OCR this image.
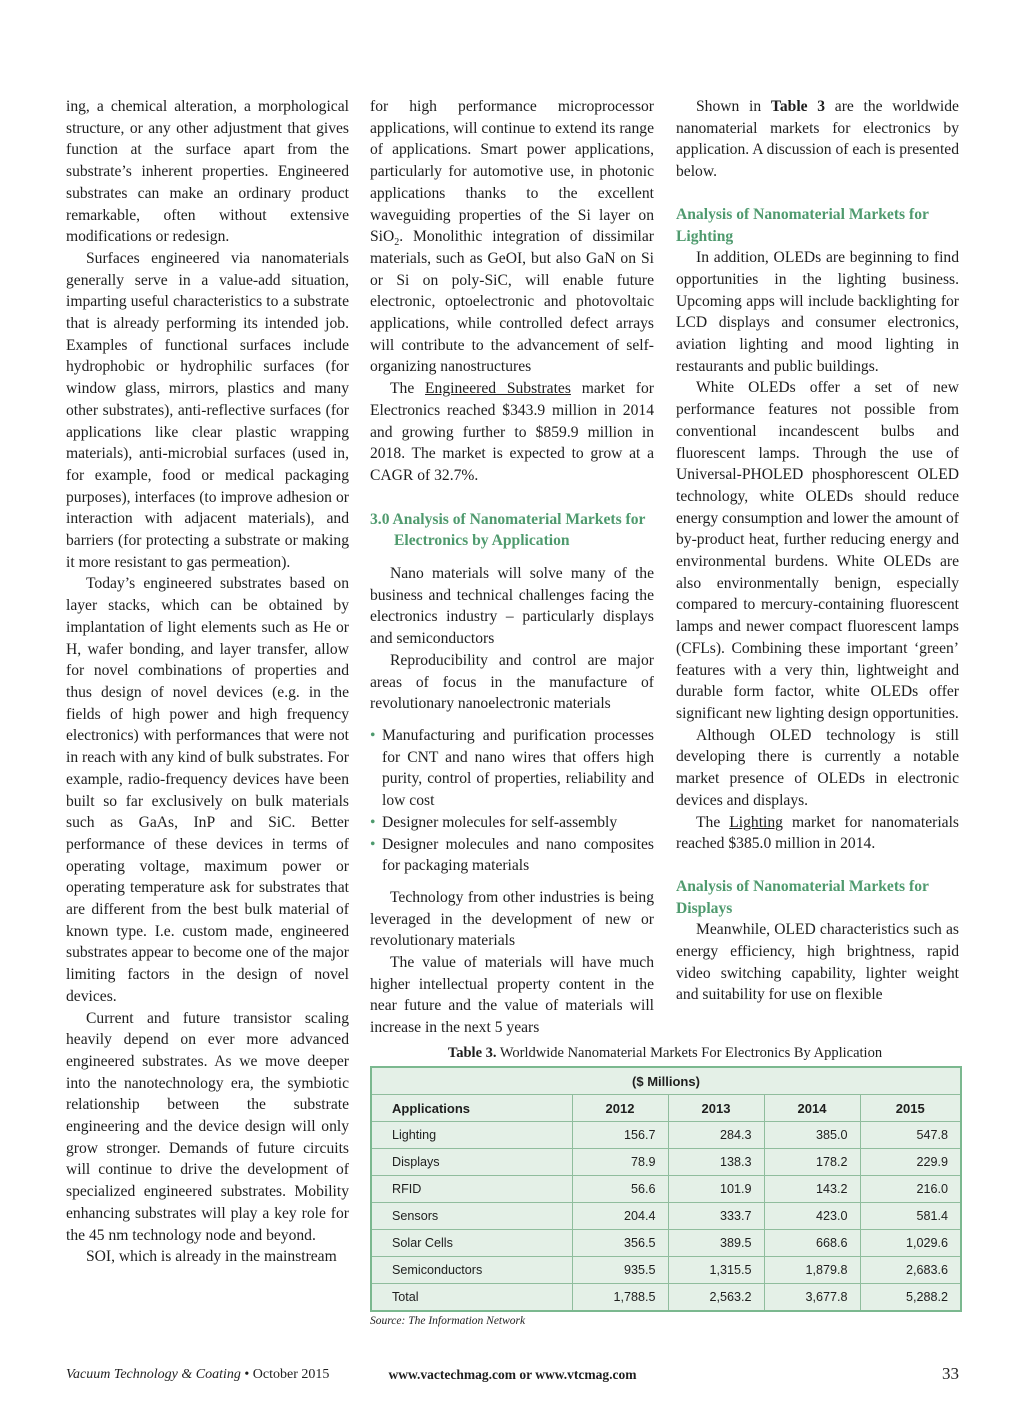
ing, a chemical alteration, a morphological structure, or any other adjustment that gives function at the surface apart from the substrate’s inherent properties. Engineered substrates can make an ordinary product remarkable, often without extensive modifications or redesign.

Surfaces engineered via nanomaterials generally serve in a value-add situation, imparting useful characteristics to a substrate that is already performing its intended job. Examples of functional surfaces include hydrophobic or hydrophilic surfaces (for window glass, mirrors, plastics and many other substrates), anti-reflective surfaces (for applications like clear plastic wrapping materials), anti-microbial surfaces (used in, for example, food or medical packaging purposes), interfaces (to improve adhesion or interaction with adjacent materials), and barriers (for protecting a substrate or making it more resistant to gas permeation).

Today’s engineered substrates based on layer stacks, which can be obtained by implantation of light elements such as He or H, wafer bonding, and layer transfer, allow for novel combinations of properties and thus design of novel devices (e.g. in the fields of high power and high frequency electronics) with performances that were not in reach with any kind of bulk substrates. For example, radio-frequency devices have been built so far exclusively on bulk materials such as GaAs, InP and SiC. Better performance of these devices in terms of operating voltage, maximum power or operating temperature ask for substrates that are different from the best bulk material of known type. I.e. custom made, engineered substrates appear to become one of the major limiting factors in the design of novel devices.

Current and future transistor scaling heavily depend on ever more advanced engineered substrates. As we move deeper into the nanotechnology era, the symbiotic relationship between the substrate engineering and the device design will only grow stronger. Demands of future circuits will continue to drive the development of specialized engineered substrates. Mobility enhancing substrates will play a key role for the 45 nm technology node and beyond.

SOI, which is already in the mainstream

for high performance microprocessor applications, will continue to extend its range of applications. Smart power applications, particularly for automotive use, in photonic applications thanks to the excellent waveguiding properties of the Si layer on SiO$_2$. Monolithic integration of dissimilar materials, such as GeOI, but also GaN on Si or Si on poly-SiC, will enable future electronic, optoelectronic and photovoltaic applications, while controlled defect arrays will contribute to the advancement of self-organizing nanostructures

The Engineered Substrates market for Electronics reached $343.9 million in 2014 and growing further to $859.9 million in 2018. The market is expected to grow at a CAGR of 32.7%.

3.0 Analysis of Nanomaterial Markets for Electronics by Application

Nano materials will solve many of the business and technical challenges facing the electronics industry – particularly displays and semiconductors

Reproducibility and control are major areas of focus in the manufacture of revolutionary nanoelectronic materials

• Manufacturing and purification processes for CNT and nano wires that offers high purity, control of properties, reliability and low cost
• Designer molecules for self-assembly
• Designer molecules and nano composites for packaging materials

Technology from other industries is being leveraged in the development of new or revolutionary materials

The value of materials will have much higher intellectual property content in the near future and the value of materials will increase in the next 5 years

Shown in Table 3 are the worldwide nanomaterial markets for electronics by application. A discussion of each is presented below.

Analysis of Nanomaterial Markets for Lighting

In addition, OLEDs are beginning to find opportunities in the lighting business. Upcoming apps will include backlighting for LCD displays and consumer electronics, aviation lighting and mood lighting in restaurants and public buildings.

White OLEDs offer a set of new performance features not possible from conventional incandescent bulbs and fluorescent lamps. Through the use of Universal-PHOLED phosphorescent OLED technology, white OLEDs should reduce energy consumption and lower the amount of by-product heat, further reducing energy and environmental burdens. White OLEDs are also environmentally benign, especially compared to mercury-containing fluorescent lamps and newer compact fluorescent lamps (CFLs). Combining these important ‘green’ features with a very thin, lightweight and durable form factor, white OLEDs offer significant new lighting design opportunities.

Although OLED technology is still developing there is currently a notable market presence of OLEDs in electronic devices and displays.

The Lighting market for nanomaterials reached $385.0 million in 2014.

Analysis of Nanomaterial Markets for Displays

Meanwhile, OLED characteristics such as energy efficiency, high brightness, rapid video switching capability, lighter weight and suitability for use on flexible

Table 3. Worldwide Nanomaterial Markets For Electronics By Application
($ Millions)				
Applications	2012	2013	2014	2015
Lighting	156.7	284.3	385.0	547.8
Displays	78.9	138.3	178.2	229.9
RFID	56.6	101.9	143.2	216.0
Sensors	204.4	333.7	423.0	581.4
Solar Cells	356.5	389.5	668.6	1,029.6
Semiconductors	935.5	1,315.5	1,879.8	2,683.6
Total	1,788.5	2,563.2	3,677.8	5,288.2
Source: The Information Network
Vacuum Technology & Coating • October 2015	www.vactechmag.com or www.vtcmag.com	33
